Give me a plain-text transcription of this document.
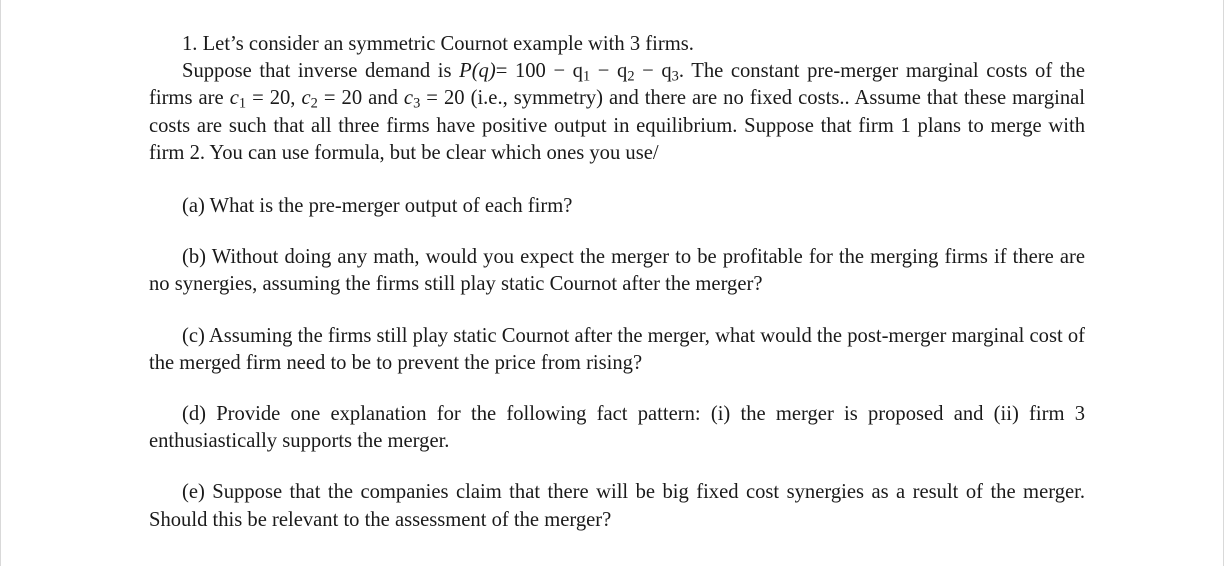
1. Let’s consider an symmetric Cournot example with 3 firms.

Suppose that inverse demand is $P(q)= 100 - q_1 - q_2 - q_3$. The constant pre-merger marginal costs of the firms are $c_1 = 20$, $c_2 = 20$ and $c_3 = 20$ (i.e., symmetry) and there are no fixed costs.. Assume that these marginal costs are such that all three firms have positive output in equilibrium. Suppose that firm 1 plans to merge with firm 2. You can use formula, but be clear which ones you use/

(a) What is the pre-merger output of each firm?

(b) Without doing any math, would you expect the merger to be profitable for the merging firms if there are no synergies, assuming the firms still play static Cournot after the merger?

(c) Assuming the firms still play static Cournot after the merger, what would the post-merger marginal cost of the merged firm need to be to prevent the price from rising?

(d) Provide one explanation for the following fact pattern: (i) the merger is proposed and (ii) firm 3 enthusiastically supports the merger.

(e) Suppose that the companies claim that there will be big fixed cost synergies as a result of the merger. Should this be relevant to the assessment of the merger?
